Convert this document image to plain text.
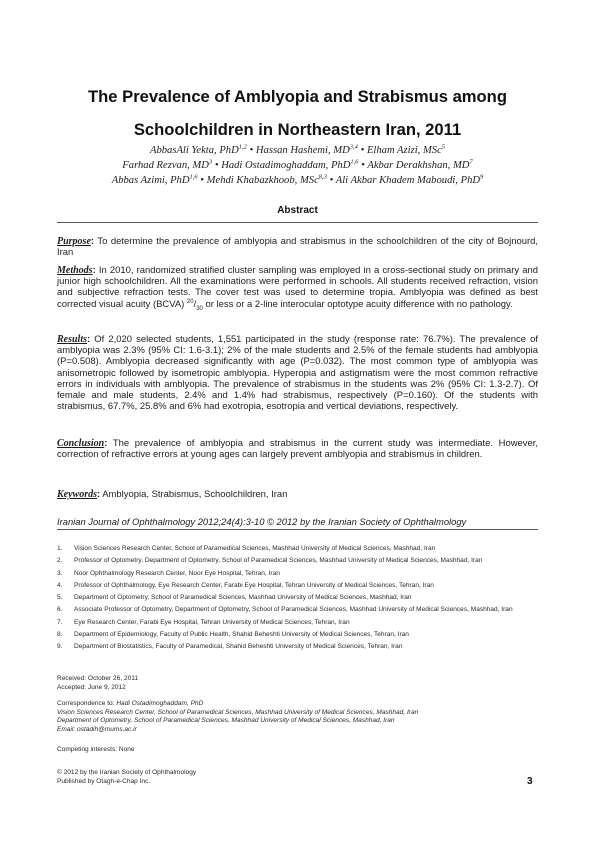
The Prevalence of Amblyopia and Strabismus among
Schoolchildren in Northeastern Iran, 2011
AbbasAli Yekta, PhD$^{1,2}$ • Hassan Hashemi, MD$^{3,4}$ • Elham Azizi, MSc$^5$
Farhad Rezvan, $MD^3$ • Hadi Ostadimoghaddam, PhD$^{1,6}$ • Akbar Derakhshan, $MD^7$
Abbas Azimi, PhD$^{1,6}$ • Mehdi Khabazkhoob, MSc$^{8,3}$ • Ali Akbar Khadem Maboudi, PhD$^9$
Abstract
Purpose: To determine the prevalence of amblyopia and strabismus in the schoolchildren of the city of Bojnourd, Iran
Methods: In 2010, randomized stratified cluster sampling was employed in a cross-sectional study on primary and junior high schoolchildren. All the examinations were performed in schools. All students received refraction, vision and subjective refraction tests. The cover test was used to determine tropia. Amblyopia was defined as best corrected visual acuity (BCVA) $^{20}/_{30}$ or less or a 2-line interocular optotype acuity difference with no pathology.
Results: Of 2,020 selected students, 1,551 participated in the study (response rate: 76.7%). The prevalence of amblyopia was 2.3% (95% CI: 1.6-3.1); 2% of the male students and 2.5% of the female students had amblyopia (P=0.508). Amblyopia decreased significantly with age (P=0.032). The most common type of amblyopia was anisometropic followed by isometropic amblyopia. Hyperopia and astigmatism were the most common refractive errors in individuals with amblyopia. The prevalence of strabismus in the students was 2% (95% CI: 1.3-2.7). Of female and male students, 2.4% and 1.4% had strabismus, respectively (P=0.160). Of the students with strabismus, 67.7%, 25.8% and 6% had exotropia, esotropia and vertical deviations, respectively.
Conclusion: The prevalence of amblyopia and strabismus in the current study was intermediate. However, correction of refractive errors at young ages can largely prevent amblyopia and strabismus in children.
Keywords: Amblyopia, Strabismus, Schoolchildren, Iran
Iranian Journal of Ophthalmology 2012;24(4):3-10 © 2012 by the Iranian Society of Ophthalmology
1. Vision Sciences Research Center, School of Paramedical Sciences, Mashhad University of Medical Sciences, Mashhad, Iran
2. Professor of Optometry, Department of Optometry, School of Paramedical Sciences, Mashhad University of Medical Sciences, Mashhad, Iran
3. Noor Ophthalmology Research Center, Noor Eye Hospital, Tehran, Iran
4. Professor of Ophthalmology, Eye Research Center, Farabi Eye Hospital, Tehran University of Medical Sciences, Tehran, Iran
5. Department of Optometry, School of Paramedical Sciences, Mashhad University of Medical Sciences, Mashhad, Iran
6. Associate Professor of Optometry, Department of Optometry, School of Paramedical Sciences, Mashhad University of Medical Sciences, Mashhad, Iran
7. Eye Research Center, Farabi Eye Hospital, Tehran University of Medical Sciences, Tehran, Iran
8. Department of Epidemiology, Faculty of Public Health, Shahid Beheshti University of Medical Sciences, Tehran, Iran
9. Department of Biostatistics, Faculty of Paramedical, Shahid Beheshti University of Medical Sciences, Tehran, Iran
Received: October 26, 2011
Accepted: June 9, 2012
Correspondence to: Hadi Ostadimoghaddam, PhD
Vision Sciences Research Center, School of Paramedical Sciences, Mashhad University of Medical Sciences, Mashhad, Iran
Department of Optometry, School of Paramedical Sciences, Mashhad University of Medical Sciences, Mashhad, Iran
Email: ostadih@mums.ac.ir
Competing interests: None
© 2012 by the Iranian Society of Ophthalmology
Published by Otagh-e-Chap Inc.	3
